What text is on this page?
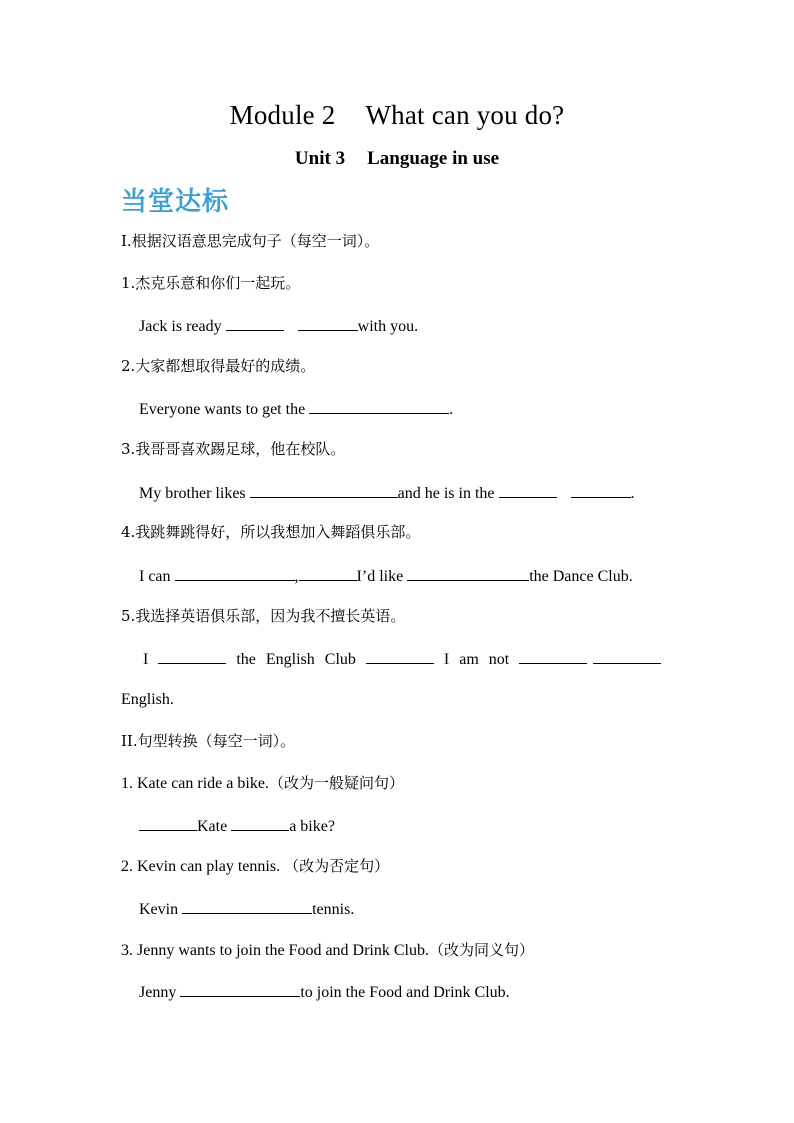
Module 2 What can you do?
Unit 3 Language in use
当堂达标
I.根据汉语意思完成句子（每空一词）。
1.杰克乐意和你们一起玩。
Jack is ready	with you.
2.大家都想取得最好的成绩。
Everyone wants to get the	.
3.我哥哥喜欢踢足球，他在校队。
My brother likes	and he is in the	.
4.我跳舞跳得好，所以我想加入舞蹈俱乐部。
I can	,	I’d like	the Dance Club.
5.我选择英语俱乐部，因为我不擅长英语。
I	the English Club	I am not
English.
II.句型转换（每空一词）。
1. Kate can ride a bike.（改为一般疑问句）
Kate	a bike?
2. Kevin can play tennis. （改为否定句）
Kevin	tennis.
3. Jenny wants to join the Food and Drink Club.（改为同义句）
Jenny	to join the Food and Drink Club.
